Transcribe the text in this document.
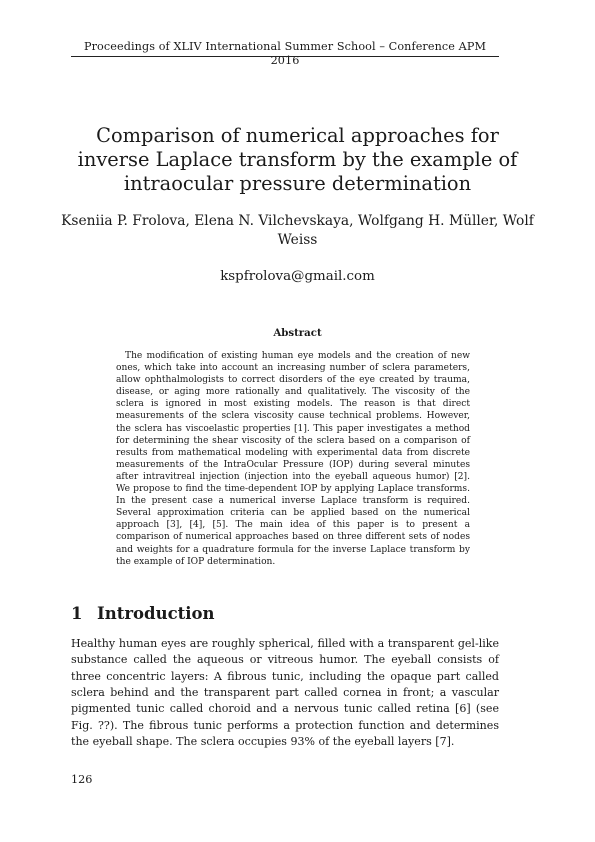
Proceedings of XLIV International Summer School – Conference APM 2016
Comparison of numerical approaches for inverse Laplace transform by the example of intraocular pressure determination
Kseniia P. Frolova, Elena N. Vilchevskaya, Wolfgang H. Müller, Wolf Weiss
kspfrolova@gmail.com
Abstract

The modification of existing human eye models and the creation of new ones, which take into account an increasing number of sclera parameters, allow ophthalmologists to correct disorders of the eye created by trauma, disease, or aging more rationally and qualitatively. The viscosity of the sclera is ignored in most existing models. The reason is that direct measurements of the sclera viscosity cause technical problems. However, the sclera has viscoelastic properties [1]. This paper investigates a method for determining the shear viscosity of the sclera based on a comparison of results from mathematical modeling with experimental data from discrete measurements of the IntraOcular Pressure (IOP) during several minutes after intravitreal injection (injection into the eyeball aqueous humor) [2]. We propose to find the time-dependent IOP by applying Laplace transforms. In the present case a numerical inverse Laplace transform is required. Several approximation criteria can be applied based on the numerical approach [3], [4], [5]. The main idea of this paper is to present a comparison of numerical approaches based on three different sets of nodes and weights for a quadrature formula for the inverse Laplace transform by the example of IOP determination.

1 Introduction

Healthy human eyes are roughly spherical, filled with a transparent gel-like substance called the aqueous or vitreous humor. The eyeball consists of three concentric layers: A fibrous tunic, including the opaque part called sclera behind and the transparent part called cornea in front; a vascular pigmented tunic called choroid and a nervous tunic called retina [6] (see Fig. ??). The fibrous tunic performs a protection function and determines the eyeball shape. The sclera occupies 93% of the eyeball layers [7].

126
